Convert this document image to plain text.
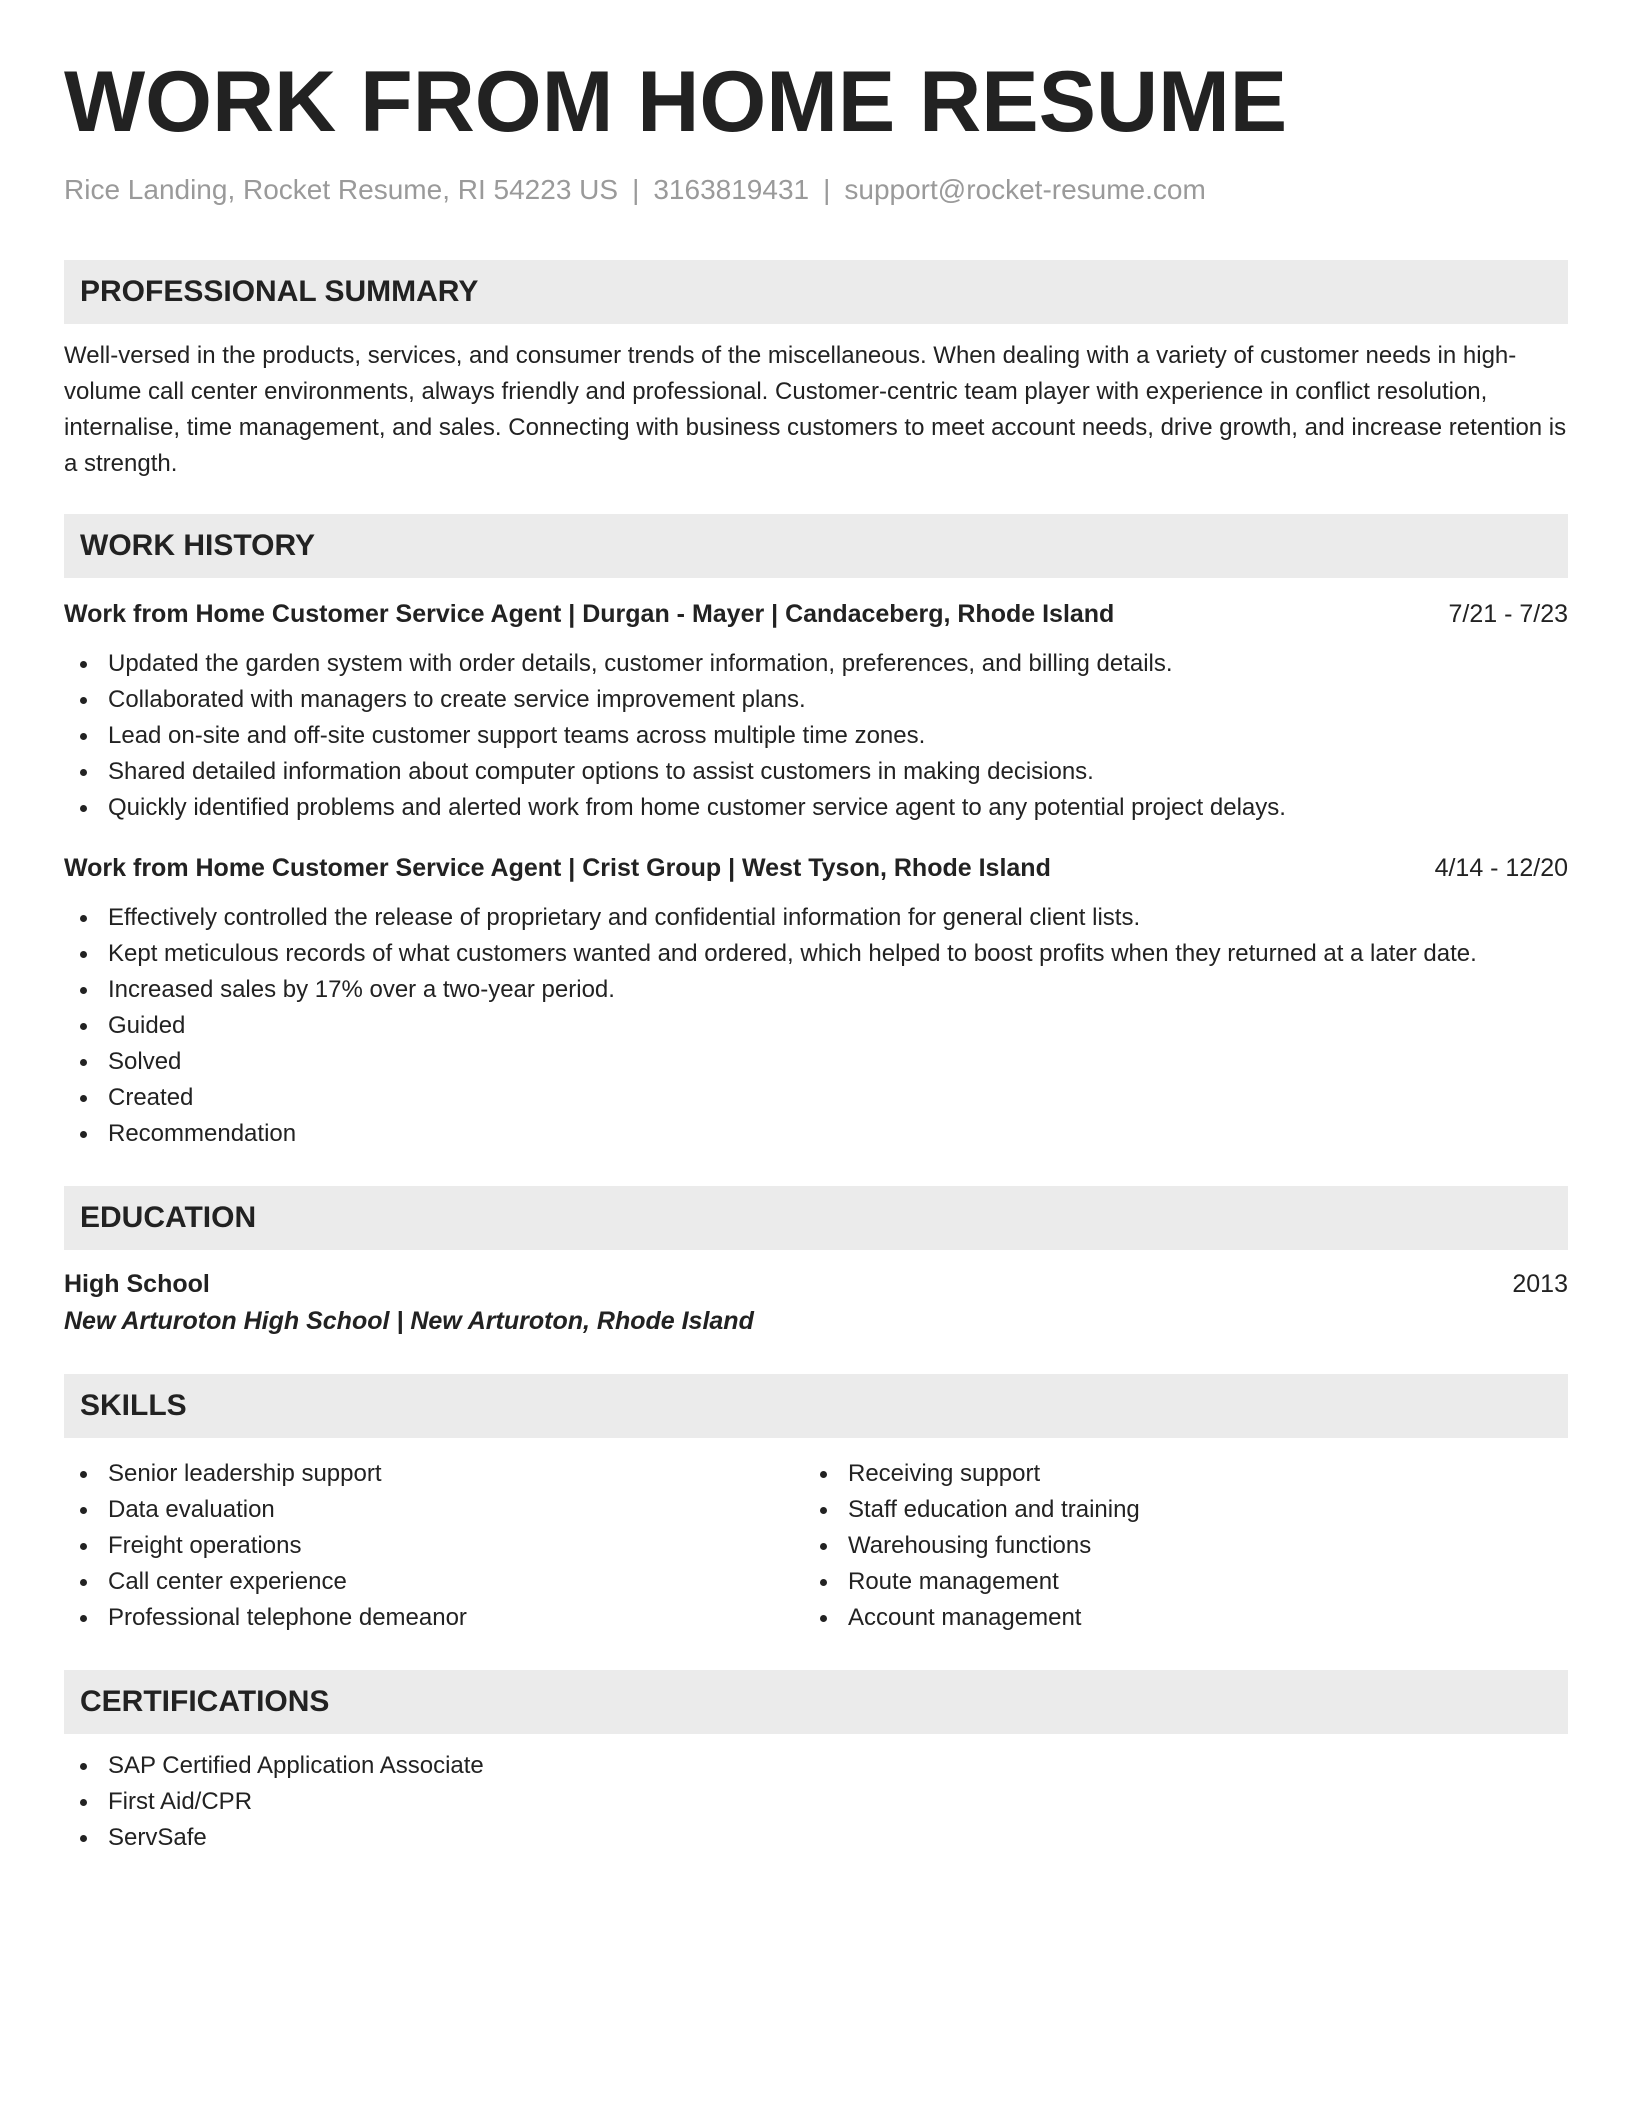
WORK FROM HOME RESUME
Rice Landing, Rocket Resume, RI 54223 US | 3163819431 | support@rocket-resume.com
PROFESSIONAL SUMMARY
Well-versed in the products, services, and consumer trends of the miscellaneous. When dealing with a variety of customer needs in high-volume call center environments, always friendly and professional. Customer-centric team player with experience in conflict resolution, internalise, time management, and sales. Connecting with business customers to meet account needs, drive growth, and increase retention is a strength.
WORK HISTORY
Work from Home Customer Service Agent | Durgan - Mayer | Candaceberg, Rhode Island	7/21 - 7/23
Updated the garden system with order details, customer information, preferences, and billing details.
Collaborated with managers to create service improvement plans.
Lead on-site and off-site customer support teams across multiple time zones.
Shared detailed information about computer options to assist customers in making decisions.
Quickly identified problems and alerted work from home customer service agent to any potential project delays.
Work from Home Customer Service Agent | Crist Group | West Tyson, Rhode Island	4/14 - 12/20
Effectively controlled the release of proprietary and confidential information for general client lists.
Kept meticulous records of what customers wanted and ordered, which helped to boost profits when they returned at a later date.
Increased sales by 17% over a two-year period.
Guided
Solved
Created
Recommendation
EDUCATION
High School	2013
New Arturoton High School | New Arturoton, Rhode Island
SKILLS
Senior leadership support
Data evaluation
Freight operations
Call center experience
Professional telephone demeanor
Receiving support
Staff education and training
Warehousing functions
Route management
Account management
CERTIFICATIONS
SAP Certified Application Associate
First Aid/CPR
ServSafe
